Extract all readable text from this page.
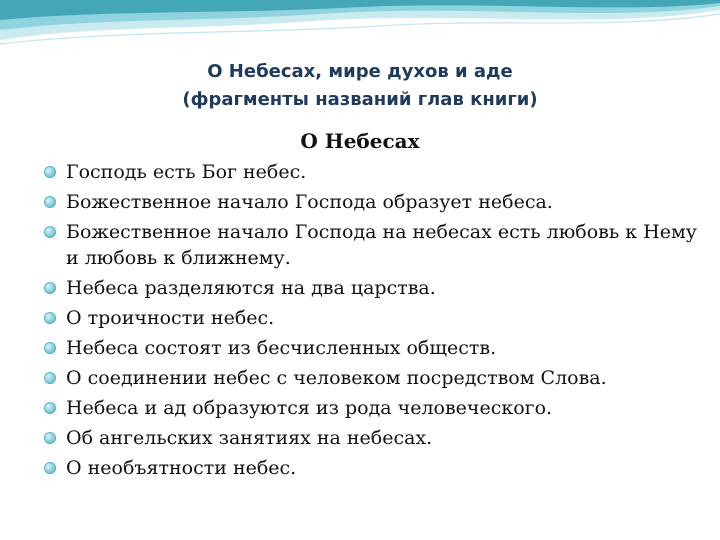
О Небесах, мире духов и аде
(фрагменты названий глав книги)
О Небесах
Господь есть Бог небес.
Божественное начало Господа образует небеса.
Божественное начало Господа на небесах есть любовь к Нему и любовь к ближнему.
Небеса разделяются на два царства.
О троичности небес.
Небеса состоят из бесчисленных обществ.
О соединении небес с человеком посредством Слова.
Небеса и ад образуются из рода человеческого.
Об ангельских занятиях на небесах.
О необъятности небес.
